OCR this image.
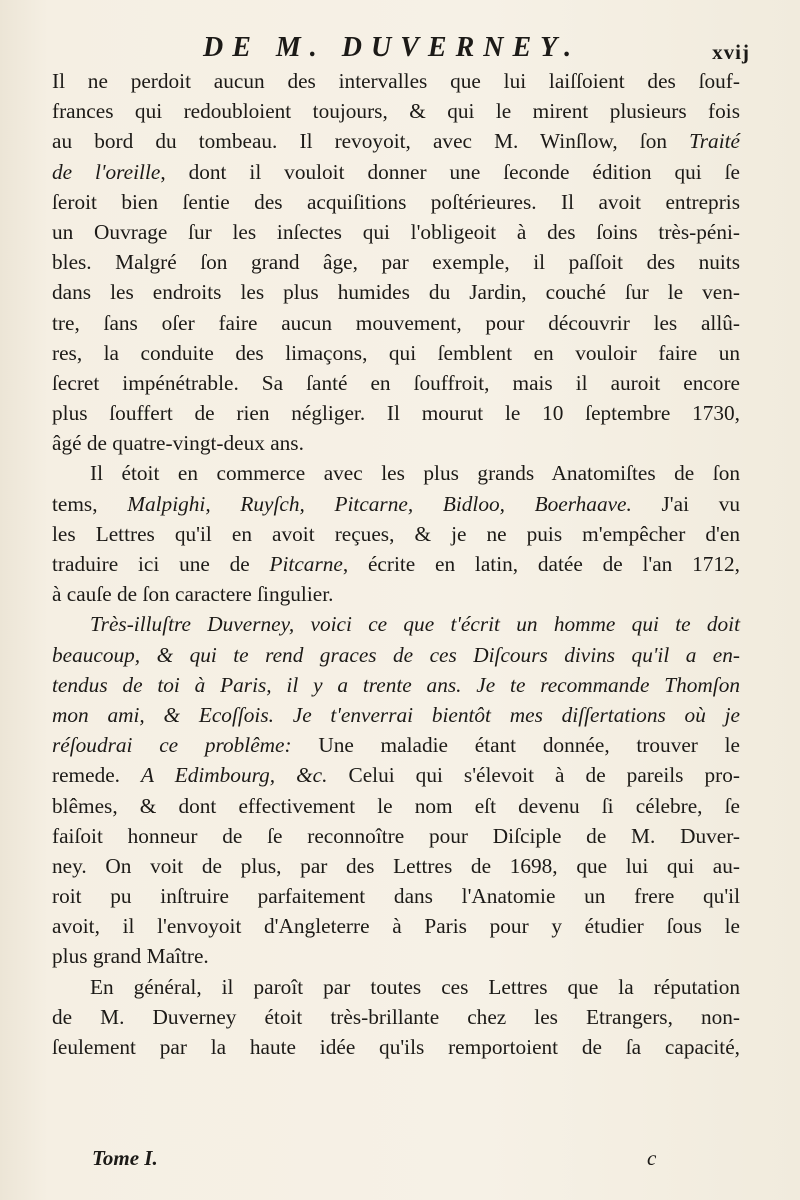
DE M. DUVERNEY.	xvij
Il ne perdoit aucun des intervalles que lui laiſſoient des ſouf-
frances qui redoubloient toujours, & qui le mirent plusieurs fois
au bord du tombeau. Il revoyoit, avec M. Winſlow, ſon Traité
de l'oreille, dont il vouloit donner une ſeconde édition qui ſe
ſeroit bien ſentie des acquiſitions poſtérieures. Il avoit entrepris
un Ouvrage ſur les inſectes qui l'obligeoit à des ſoins très-péni-
bles. Malgré ſon grand âge, par exemple, il paſſoit des nuits
dans les endroits les plus humides du Jardin, couché ſur le ven-
tre, ſans oſer faire aucun mouvement, pour découvrir les allû-
res, la conduite des limaçons, qui ſemblent en vouloir faire un
ſecret impénétrable. Sa ſanté en ſouffroit, mais il auroit encore
plus ſouffert de rien négliger. Il mourut le 10 ſeptembre 1730,
âgé de quatre-vingt-deux ans.
Il étoit en commerce avec les plus grands Anatomiſtes de ſon
tems, Malpighi, Ruyſch, Pitcarne, Bidloo, Boerhaave. J'ai vu
les Lettres qu'il en avoit reçues, & je ne puis m'empêcher d'en
traduire ici une de Pitcarne, écrite en latin, datée de l'an 1712,
à cauſe de ſon caractere ſingulier.
Très-illuſtre Duverney, voici ce que t'écrit un homme qui te doit
beaucoup, & qui te rend graces de ces Diſcours divins qu'il a en-
tendus de toi à Paris, il y a trente ans. Je te recommande Thomſon
mon ami, & Ecoſſois. Je t'enverrai bientôt mes diſſertations où je
réſoudrai ce problême: Une maladie étant donnée, trouver le
remede. A Edimbourg, &c. Celui qui s'élevoit à de pareils pro-
blêmes, & dont effectivement le nom eſt devenu ſi célebre, ſe
faiſoit honneur de ſe reconnoître pour Diſciple de M. Duver-
ney. On voit de plus, par des Lettres de 1698, que lui qui au-
roit pu inſtruire parfaitement dans l'Anatomie un frere qu'il
avoit, il l'envoyoit d'Angleterre à Paris pour y étudier ſous le
plus grand Maître.
En général, il paroît par toutes ces Lettres que la réputation
de M. Duverney étoit très-brillante chez les Etrangers, non-
ſeulement par la haute idée qu'ils remportoient de ſa capacité,
Tome I.	c
